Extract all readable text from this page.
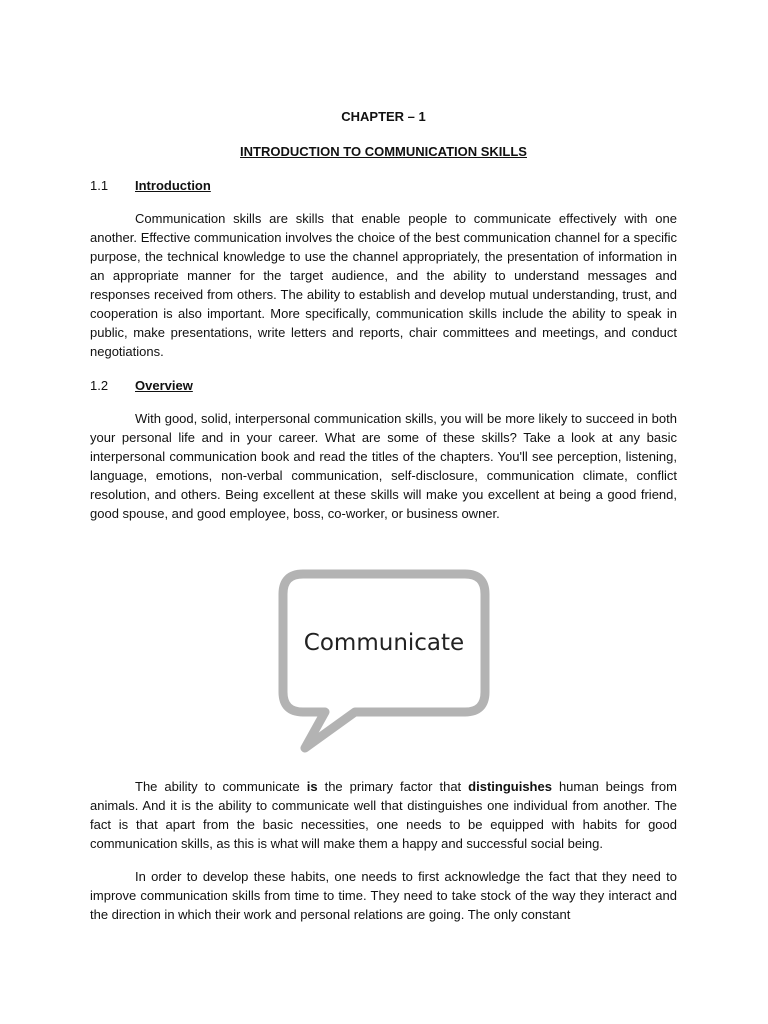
CHAPTER – 1
INTRODUCTION TO COMMUNICATION SKILLS
1.1 Introduction

Communication skills are skills that enable people to communicate effectively with one another. Effective communication involves the choice of the best communication channel for a specific purpose, the technical knowledge to use the channel appropriately, the presentation of information in an appropriate manner for the target audience, and the ability to understand messages and responses received from others. The ability to establish and develop mutual understanding, trust, and cooperation is also important. More specifically, communication skills include the ability to speak in public, make presentations, write letters and reports, chair committees and meetings, and conduct negotiations.

1.2 Overview

With good, solid, interpersonal communication skills, you will be more likely to succeed in both your personal life and in your career. What are some of these skills? Take a look at any basic interpersonal communication book and read the titles of the chapters. You'll see perception, listening, language, emotions, non-verbal communication, self-disclosure, communication climate, conflict resolution, and others. Being excellent at these skills will make you excellent at being a good friend, good spouse, and good employee, boss, co-worker, or business owner.

Communicate

The ability to communicate is the primary factor that distinguishes human beings from animals. And it is the ability to communicate well that distinguishes one individual from another. The fact is that apart from the basic necessities, one needs to be equipped with habits for good communication skills, as this is what will make them a happy and successful social being.

In order to develop these habits, one needs to first acknowledge the fact that they need to improve communication skills from time to time. They need to take stock of the way they interact and the direction in which their work and personal relations are going. The only constant
